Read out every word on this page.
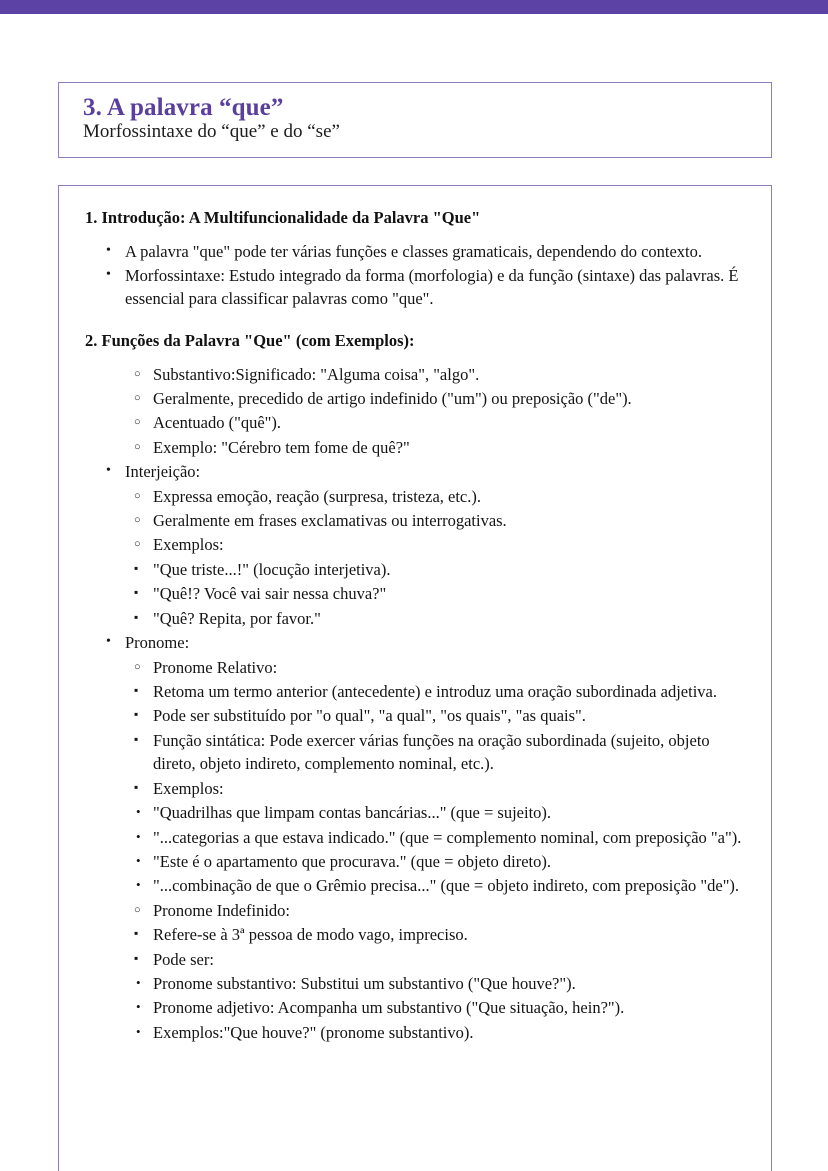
3. A palavra “que”
Morfossintaxe do “que” e do “se”
1. Introdução: A Multifuncionalidade da Palavra "Que"
• A palavra "que" pode ter várias funções e classes gramaticais, dependendo do contexto.
• Morfossintaxe: Estudo integrado da forma (morfologia) e da função (sintaxe) das palavras. É essencial para classificar palavras como "que".
2. Funções da Palavra "Que" (com Exemplos):
○ Substantivo:Significado: "Alguma coisa", "algo".
○ Geralmente, precedido de artigo indefinido ("um") ou preposição ("de").
○ Acentuado ("quê").
○ Exemplo: "Cérebro tem fome de quê?"
• Interjeição:
○ Expressa emoção, reação (surpresa, tristeza, etc.).
○ Geralmente em frases exclamativas ou interrogativas.
○ Exemplos:
▪ "Que triste...!" (locução interjetiva).
▪ "Quê!? Você vai sair nessa chuva?"
▪ "Quê? Repita, por favor."
• Pronome:
○ Pronome Relativo:
▪ Retoma um termo anterior (antecedente) e introduz uma oração subordinada adjetiva.
▪ Pode ser substituído por "o qual", "a qual", "os quais", "as quais".
▪ Função sintática: Pode exercer várias funções na oração subordinada (sujeito, objeto direto, objeto indireto, complemento nominal, etc.).
▪ Exemplos:
• "Quadrilhas que limpam contas bancárias..." (que = sujeito).
• "...categorias a que estava indicado." (que = complemento nominal, com preposição "a").
• "Este é o apartamento que procurava." (que = objeto direto).
• "...combinação de que o Grêmio precisa..." (que = objeto indireto, com preposição "de").
○ Pronome Indefinido:
▪ Refere-se à 3ª pessoa de modo vago, impreciso.
▪ Pode ser:
• Pronome substantivo: Substitui um substantivo ("Que houve?").
• Pronome adjetivo: Acompanha um substantivo ("Que situação, hein?").
• Exemplos:"Que houve?" (pronome substantivo).
